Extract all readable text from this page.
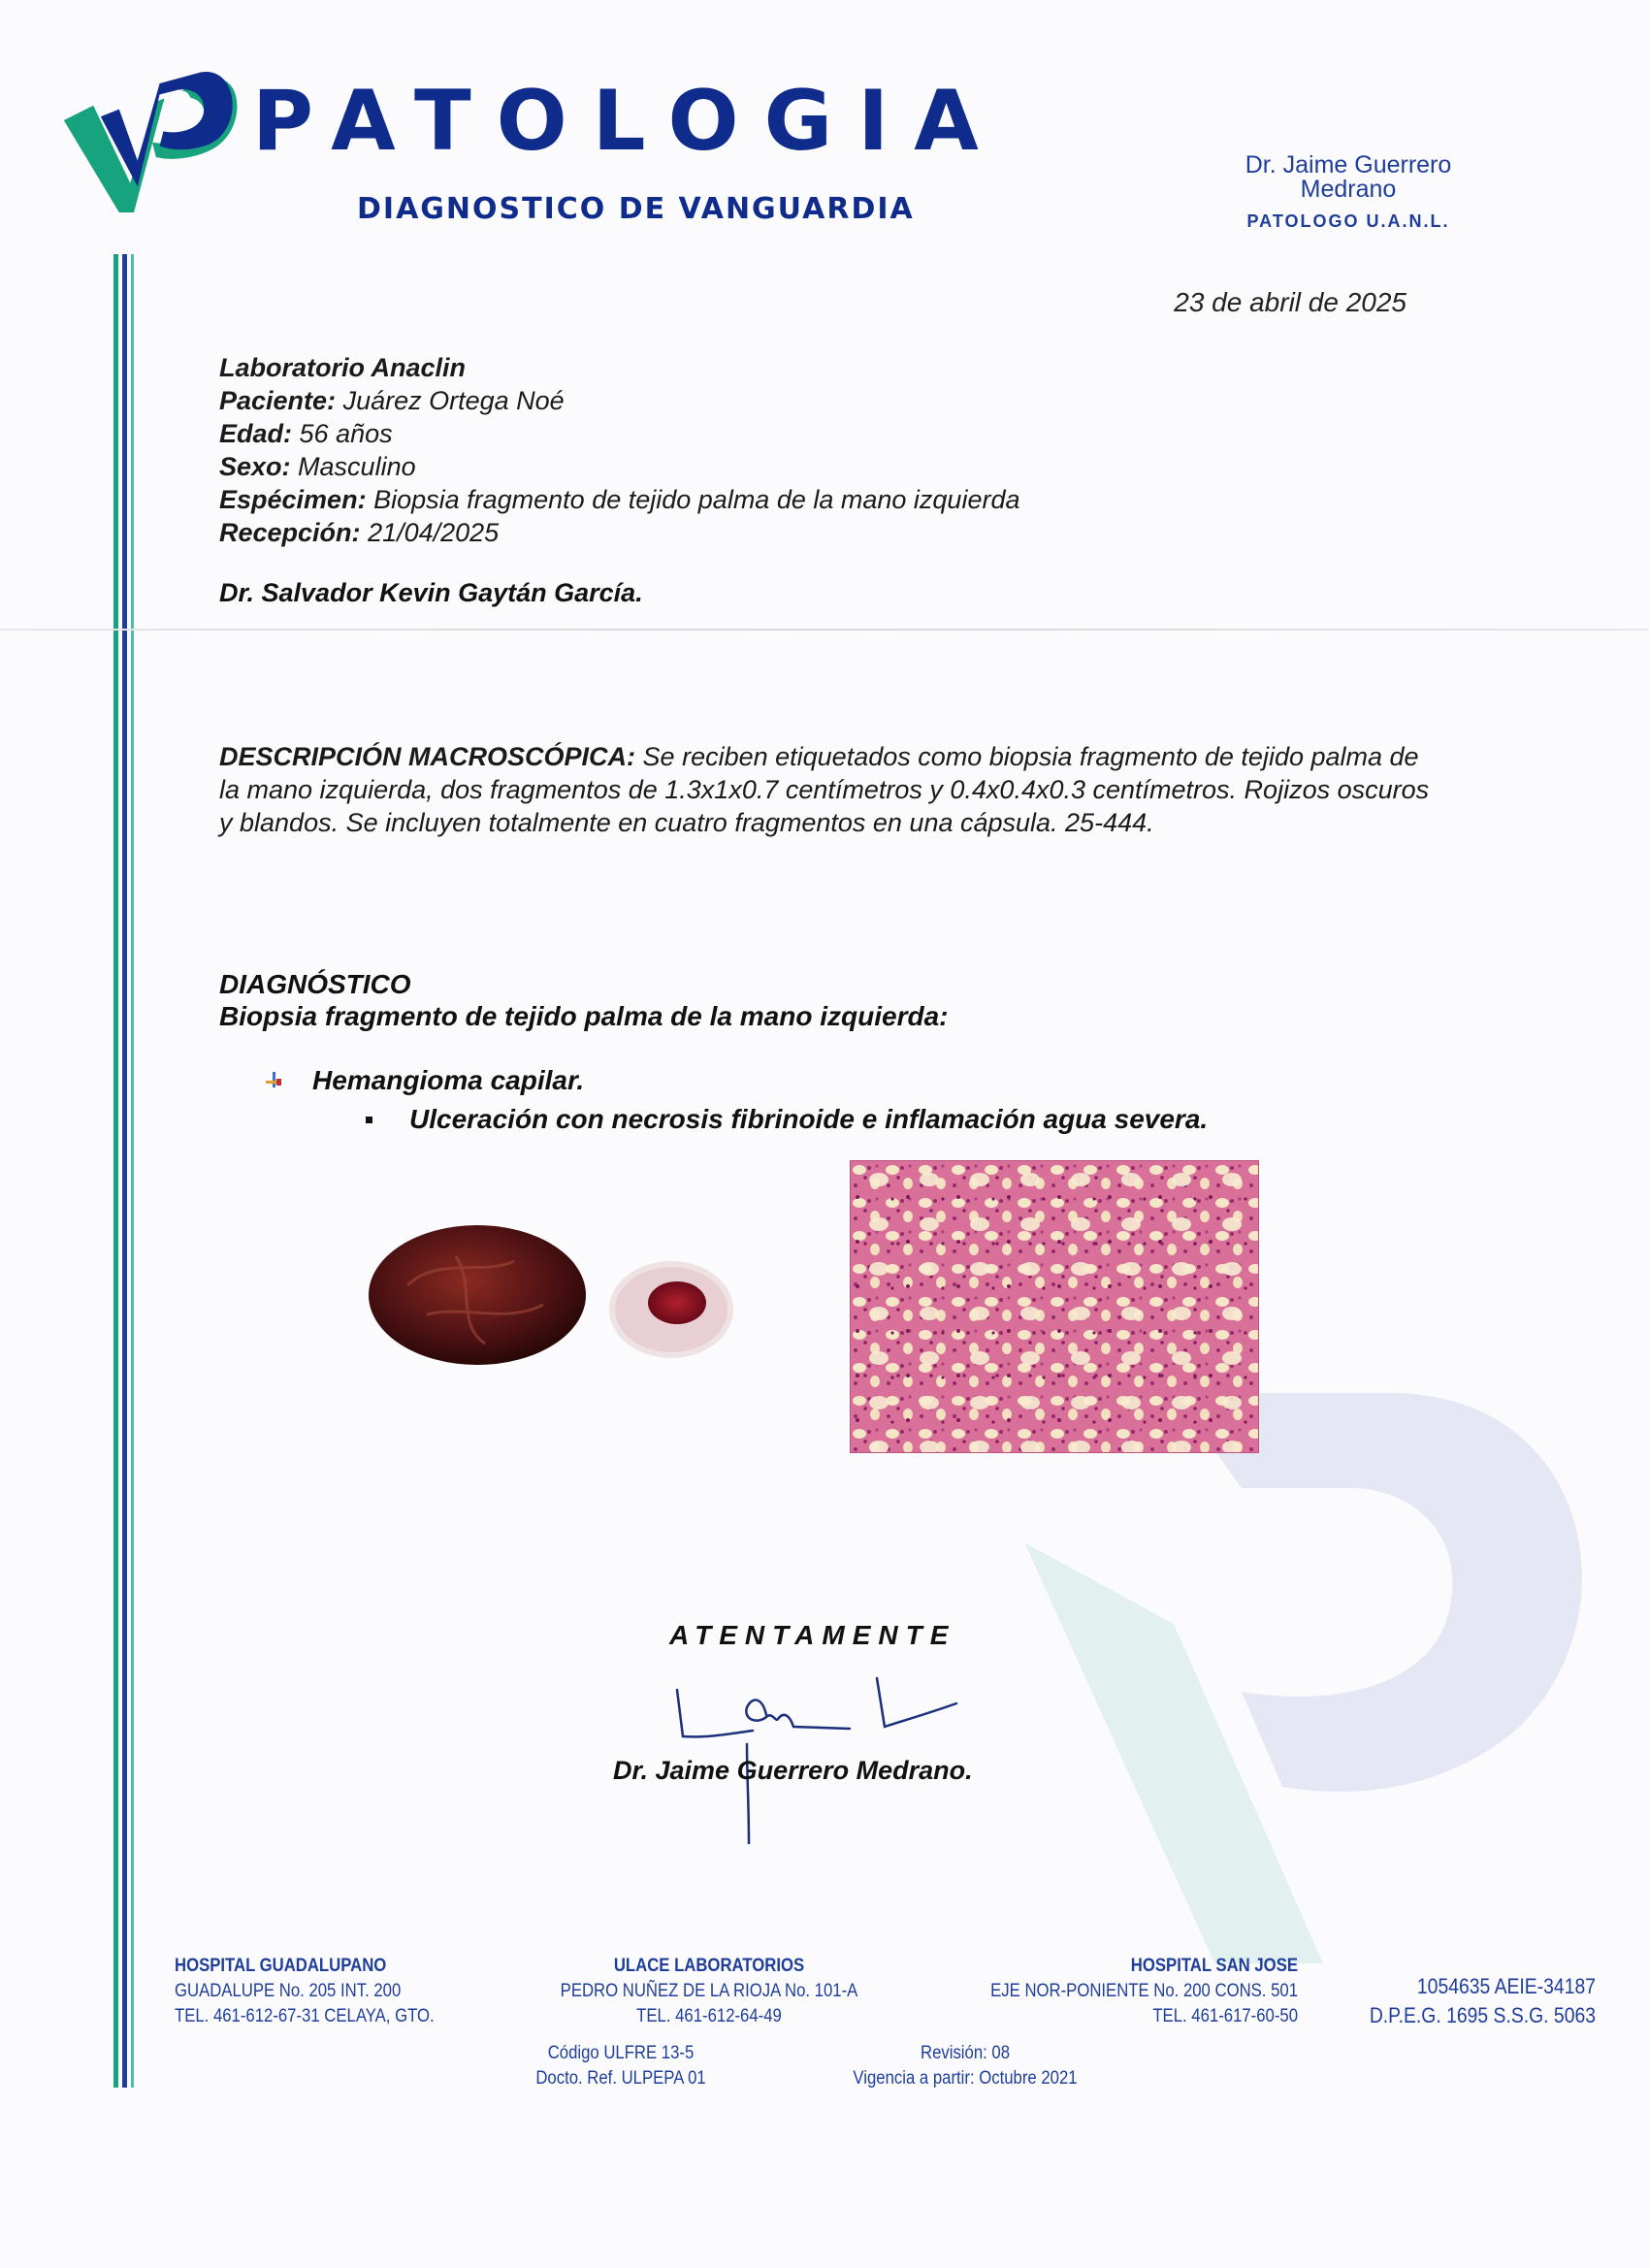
PATOLOGIA
DIAGNOSTICO DE VANGUARDIA
Dr. Jaime Guerrero Medrano
PATOLOGO U.A.N.L.
23 de abril de 2025
Laboratorio Anaclin
Paciente: Juárez Ortega Noé
Edad: 56 años
Sexo: Masculino
Espécimen: Biopsia fragmento de tejido palma de la mano izquierda
Recepción: 21/04/2025
Dr. Salvador Kevin Gaytán García.
DESCRIPCIÓN MACROSCÓPICA: Se reciben etiquetados como biopsia fragmento de tejido palma de la mano izquierda, dos fragmentos de 1.3x1x0.7 centímetros y 0.4x0.4x0.3 centímetros. Rojizos oscuros y blandos. Se incluyen totalmente en cuatro fragmentos en una cápsula. 25-444.
DIAGNÓSTICO
Biopsia fragmento de tejido palma de la mano izquierda:
Hemangioma capilar.
Ulceración con necrosis fibrinoide e inflamación agua severa.
ATENTAMENTE
Dr. Jaime Guerrero Medrano.
HOSPITAL GUADALUPANO
GUADALUPE No. 205 INT. 200
TEL. 461-612-67-31 CELAYA, GTO.
ULACE LABORATORIOS
PEDRO NUÑEZ DE LA RIOJA No. 101-A
TEL. 461-612-64-49
HOSPITAL SAN JOSE
EJE NOR-PONIENTE No. 200 CONS. 501
TEL. 461-617-60-50
1054635 AEIE-34187
D.P.E.G. 1695 S.S.G. 5063
Código ULFRE 13-5
Docto. Ref. ULPEPA 01
Revisión: 08
Vigencia a partir: Octubre 2021
